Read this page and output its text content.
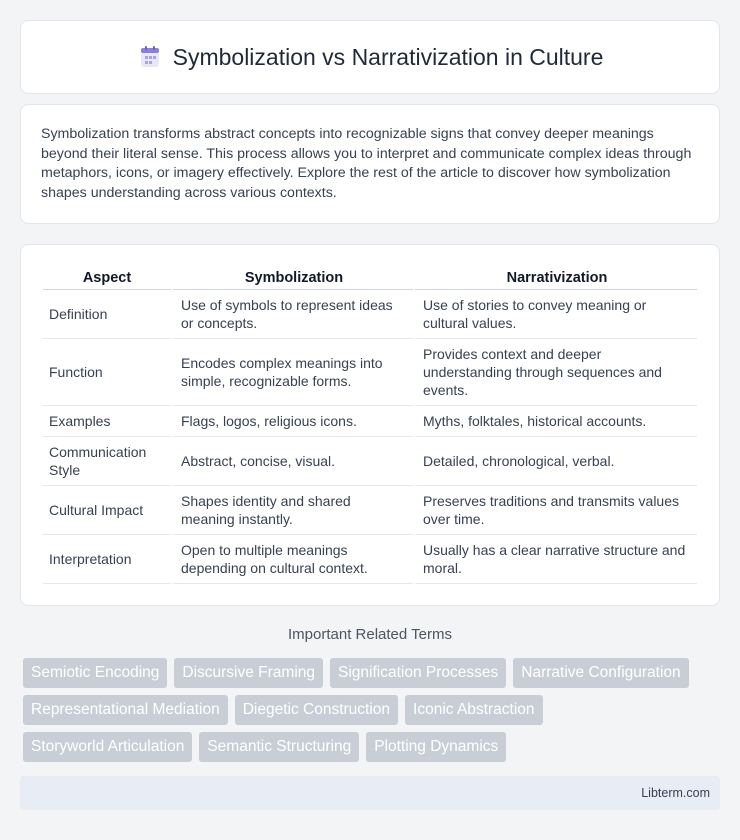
Symbolization vs Narrativization in Culture

Symbolization transforms abstract concepts into recognizable signs that convey deeper meanings beyond their literal sense. This process allows you to interpret and communicate complex ideas through metaphors, icons, or imagery effectively. Explore the rest of the article to discover how symbolization shapes understanding across various contexts.

Aspect	Symbolization	Narrativization
Definition	Use of symbols to represent ideas or concepts.	Use of stories to convey meaning or cultural values.
Function	Encodes complex meanings into simple, recognizable forms.	Provides context and deeper understanding through sequences and events.
Examples	Flags, logos, religious icons.	Myths, folktales, historical accounts.
Communication Style	Abstract, concise, visual.	Detailed, chronological, verbal.
Cultural Impact	Shapes identity and shared meaning instantly.	Preserves traditions and transmits values over time.
Interpretation	Open to multiple meanings depending on cultural context.	Usually has a clear narrative structure and moral.
Important Related Terms
Semiotic Encoding	Discursive Framing	Signification Processes	Narrative Configuration
Representational Mediation	Diegetic Construction	Iconic Abstraction
Storyworld Articulation	Semantic Structuring	Plotting Dynamics
Libterm.com
